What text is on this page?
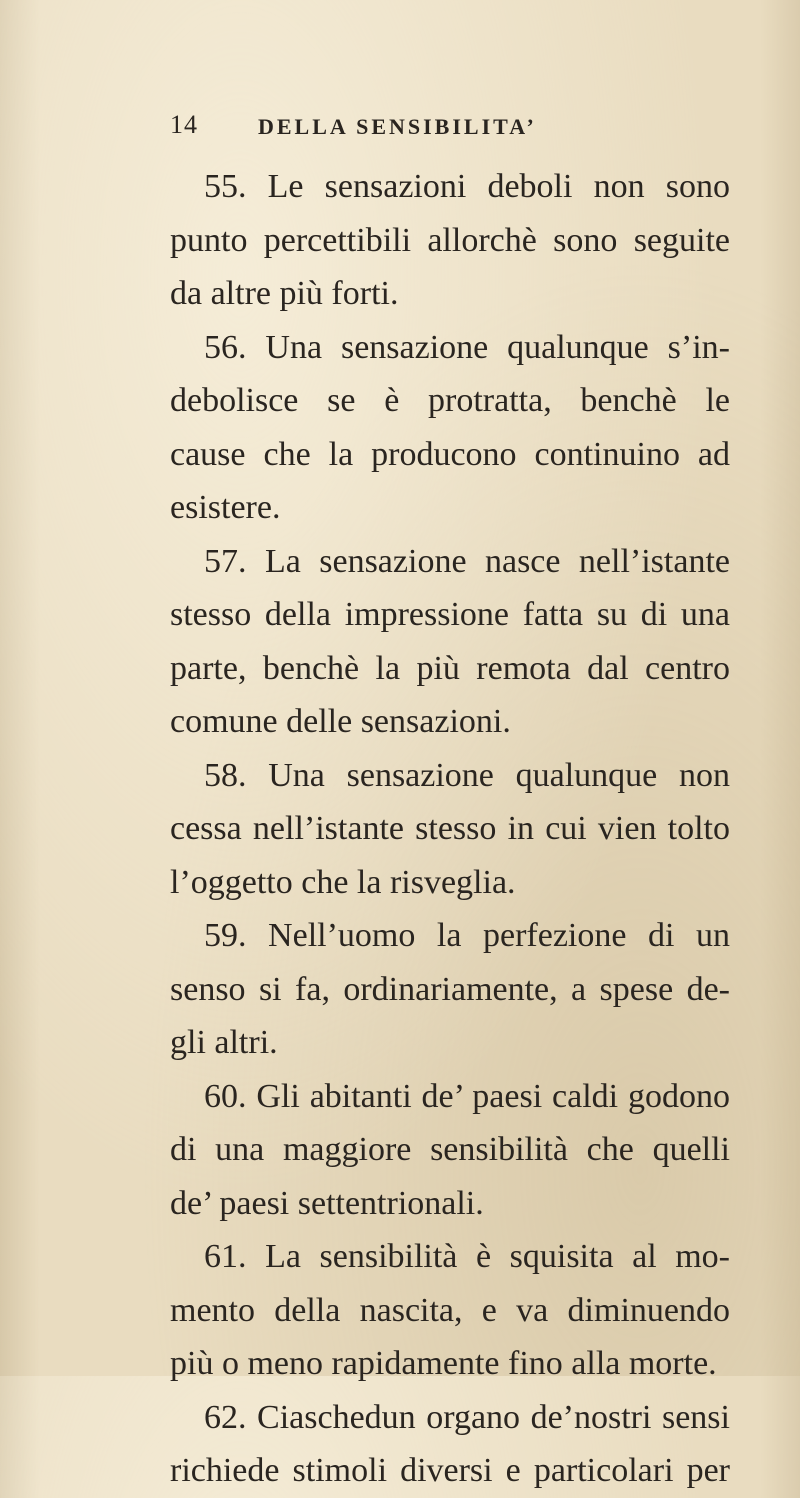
14	DELLA SENSIBILITA’
55. Le sensazioni deboli non sono
punto percettibili allorchè sono seguite
da altre più forti.
56. Una sensazione qualunque s’in-
debolisce se è protratta, benchè le
cause che la producono continuino ad
esistere.
57. La sensazione nasce nell’istante
stesso della impressione fatta su di una
parte, benchè la più remota dal centro
comune delle sensazioni.
58. Una sensazione qualunque non
cessa nell’istante stesso in cui vien tolto
l’oggetto che la risveglia.
59. Nell’uomo la perfezione di un
senso si fa, ordinariamente, a spese de-
gli altri.
60. Gli abitanti de’ paesi caldi godono
di una maggiore sensibilità che quelli
de’ paesi settentrionali.
61. La sensibilità è squisita al mo-
mento della nascita, e va diminuendo
più o meno rapidamente fino alla morte.
62. Ciaschedun organo de’nostri sensi
richiede stimoli diversi e particolari per
